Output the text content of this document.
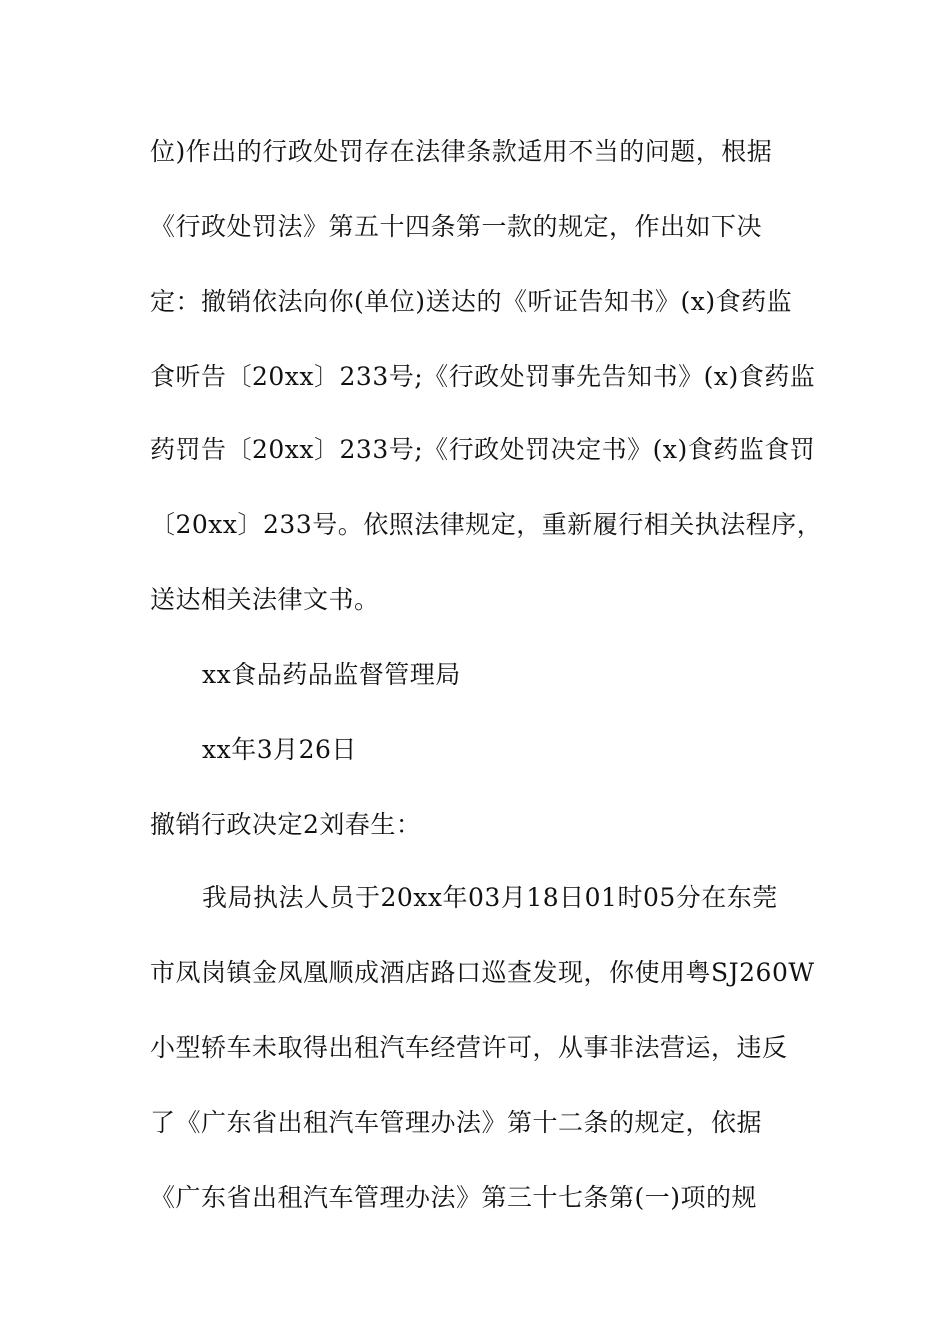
位)作出的行政处罚存在法律条款适用不当的问题，根据
《行政处罚法》第五十四条第一款的规定，作出如下决
定：撤销依法向你(单位)送达的《听证告知书》(x)食药监
食听告〔20xx〕233号;《行政处罚事先告知书》(x)食药监
药罚告〔20xx〕233号;《行政处罚决定书》(x)食药监食罚
〔20xx〕233号。依照法律规定，重新履行相关执法程序，
送达相关法律文书。
xx食品药品监督管理局
xx年3月26日
撤销行政决定2刘春生：
我局执法人员于20xx年03月18日01时05分在东莞
市凤岗镇金凤凰顺成酒店路口巡查发现，你使用粤SJ260W
小型轿车未取得出租汽车经营许可，从事非法营运，违反
了《广东省出租汽车管理办法》第十二条的规定，依据
《广东省出租汽车管理办法》第三十七条第(一)项的规
